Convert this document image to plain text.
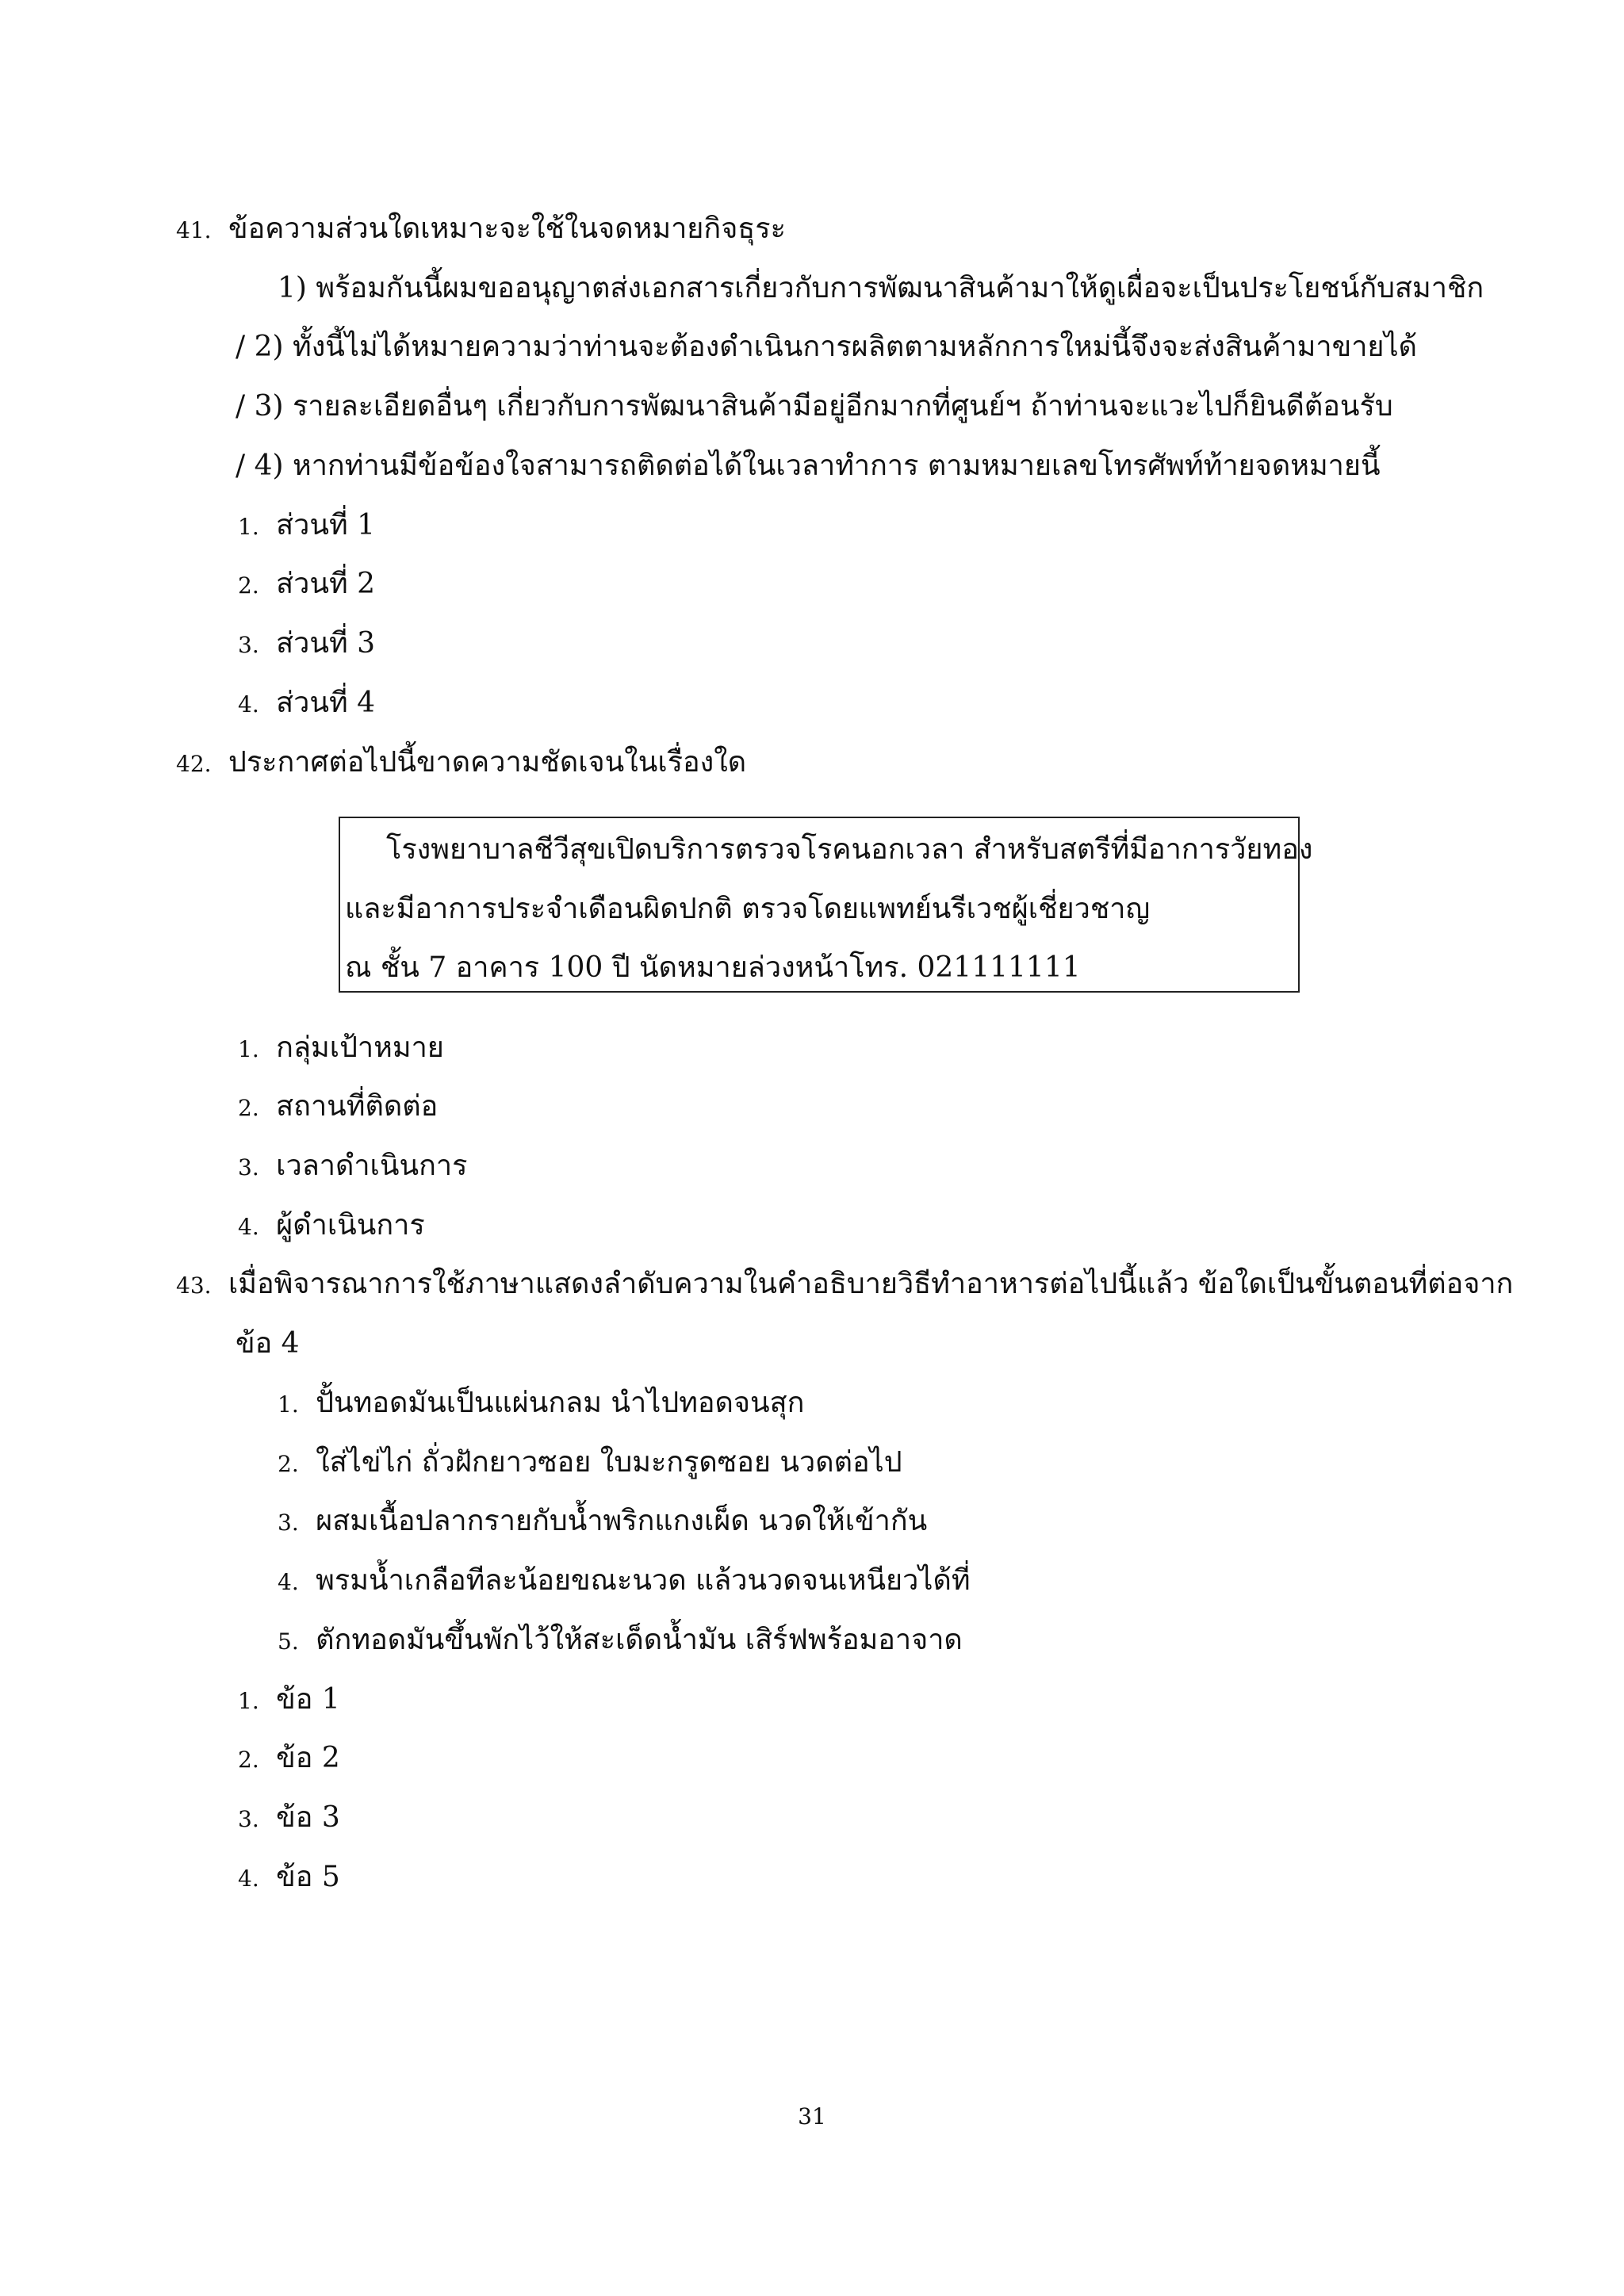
41. ข้อความส่วนใดเหมาะจะใช้ในจดหมายกิจธุระ
1) พร้อมกันนี้ผมขออนุญาตส่งเอกสารเกี่ยวกับการพัฒนาสินค้ามาให้ดูเผื่อจะเป็นประโยชน์กับสมาชิก
/ 2) ทั้งนี้ไม่ได้หมายความว่าท่านจะต้องดำเนินการผลิตตามหลักการใหม่นี้จึงจะส่งสินค้ามาขายได้
/ 3) รายละเอียดอื่นๆ เกี่ยวกับการพัฒนาสินค้ามีอยู่อีกมากที่ศูนย์ฯ ถ้าท่านจะแวะไปก็ยินดีต้อนรับ
/ 4) หากท่านมีข้อข้องใจสามารถติดต่อได้ในเวลาทำการ ตามหมายเลขโทรศัพท์ท้ายจดหมายนี้
1. ส่วนที่ 1
2. ส่วนที่ 2
3. ส่วนที่ 3
4. ส่วนที่ 4
42. ประกาศต่อไปนี้ขาดความชัดเจนในเรื่องใด
โรงพยาบาลชีวีสุขเปิดบริการตรวจโรคนอกเวลา สำหรับสตรีที่มีอาการวัยทอง
และมีอาการประจำเดือนผิดปกติ ตรวจโดยแพทย์นรีเวชผู้เชี่ยวชาญ
ณ ชั้น 7 อาคาร 100 ปี นัดหมายล่วงหน้าโทร. 021111111
1. กลุ่มเป้าหมาย
2. สถานที่ติดต่อ
3. เวลาดำเนินการ
4. ผู้ดำเนินการ
43. เมื่อพิจารณาการใช้ภาษาแสดงลำดับความในคำอธิบายวิธีทำอาหารต่อไปนี้แล้ว ข้อใดเป็นขั้นตอนที่ต่อจาก
ข้อ 4
1. ปั้นทอดมันเป็นแผ่นกลม นำไปทอดจนสุก
2. ใส่ไข่ไก่ ถั่วฝักยาวซอย ใบมะกรูดซอย นวดต่อไป
3. ผสมเนื้อปลากรายกับน้ำพริกแกงเผ็ด นวดให้เข้ากัน
4. พรมน้ำเกลือทีละน้อยขณะนวด แล้วนวดจนเหนียวได้ที่
5. ตักทอดมันขึ้นพักไว้ให้สะเด็ดน้ำมัน เสิร์ฟพร้อมอาจาด
1. ข้อ 1
2. ข้อ 2
3. ข้อ 3
4. ข้อ 5
31
